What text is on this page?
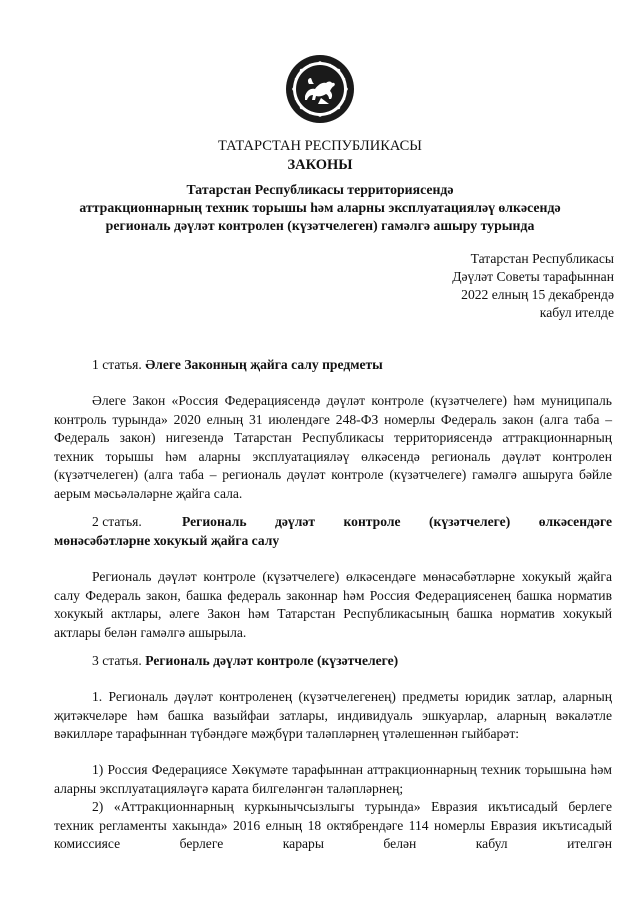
ТАТАРСТАН РЕСПУБЛИКАСЫ
ЗАКОНЫ
Татарстан Республикасы территориясендә
аттракционнарның техник торышы һәм аларны эксплуатацияләү өлкәсендә
региональ дәүләт контролен (күзәтчелеген) гамәлгә ашыру турында
Татарстан Республикасы
Дәүләт Советы тарафыннан
2022 елның 15 декабрендә
кабул ителде
1 статья. Әлеге Законның җайга салу предметы
Әлеге Закон «Россия Федерациясендә дәүләт контроле (күзәтчелеге) һәм муниципаль контроль турында» 2020 елның 31 июлендәге 248-ФЗ номерлы Федераль закон (алга таба – Федераль закон) нигезендә Татарстан Республикасы территориясендә аттракционнарның техник торышы һәм аларны эксплуатацияләү өлкәсендә региональ дәүләт контролен (күзәтчелеген) (алга таба – региональ дәүләт контроле (күзәтчелеге) гамәлгә ашыруга бәйле аерым мәсьәләләрне җайга сала.
2 статья.	Региональ дәүләт контроле (күзәтчелеге) өлкәсендәге
мөнәсәбәтләрне хокукый җайга салу
Региональ дәүләт контроле (күзәтчелеге) өлкәсендәге мөнәсәбәтләрне хокукый җайга салу Федераль закон, башка федераль законнар һәм Россия Федерациясенең башка норматив хокукый актлары, әлеге Закон һәм Татарстан Республикасының башка норматив хокукый актлары белән гамәлгә ашырыла.
3 статья. Региональ дәүләт контроле (күзәтчелеге)
1. Региональ дәүләт контроленең (күзәтчелегенең) предметы юридик затлар, аларның җитәкчеләре һәм башка вазыйфаи затлары, индивидуаль эшкуарлар, аларның вәкаләтле вәкилләре тарафыннан түбәндәге мәҗбүри таләпләрнең үтәлешеннән гыйбарәт:
1) Россия Федерациясе Хөкүмәте тарафыннан аттракционнарның техник торышына һәм аларны эксплуатацияләүгә карата билгеләнгән таләпләрнең;
2) «Аттракционнарның куркынычсызлыгы турында» Евразия икътисадый берлеге техник регламенты хакында» 2016 елның 18 октябрендәге 114 номерлы Евразия икътисадый комиссиясе берлеге карары белән кабул ителгән
